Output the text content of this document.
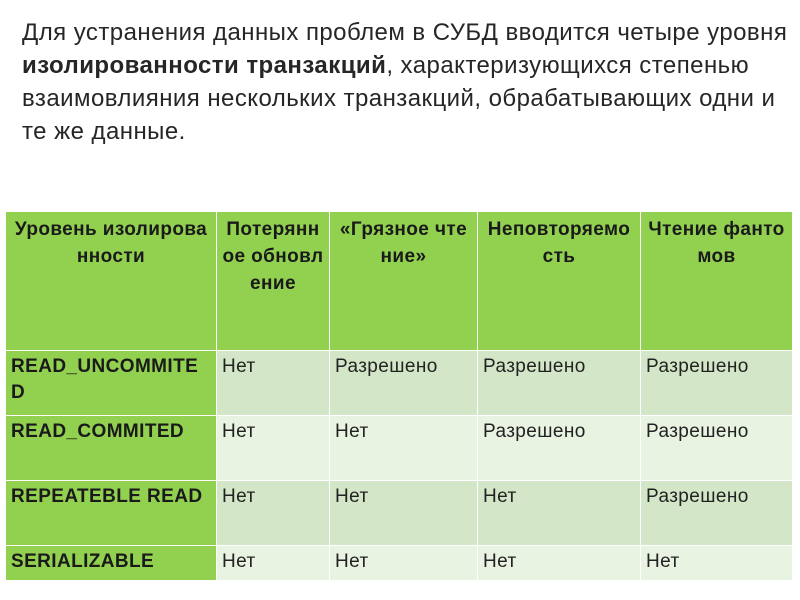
Для устранения данных проблем в СУБД вводится четыре уровня изолированности транзакций, характеризующихся степенью взаимовлияния нескольких транзакций, обрабатывающих одни и те же данные.

Уровень изолированности	Потерянное обновление	«Грязное чтение»	Неповторяемость	Чтение фантомов
READ_UNCOMMITED	Нет	Разрешено	Разрешено	Разрешено
READ_COMMITED	Нет	Нет	Разрешено	Разрешено
REPEATEBLE READ	Нет	Нет	Нет	Разрешено
SERIALIZABLE	Нет	Нет	Нет	Нет
